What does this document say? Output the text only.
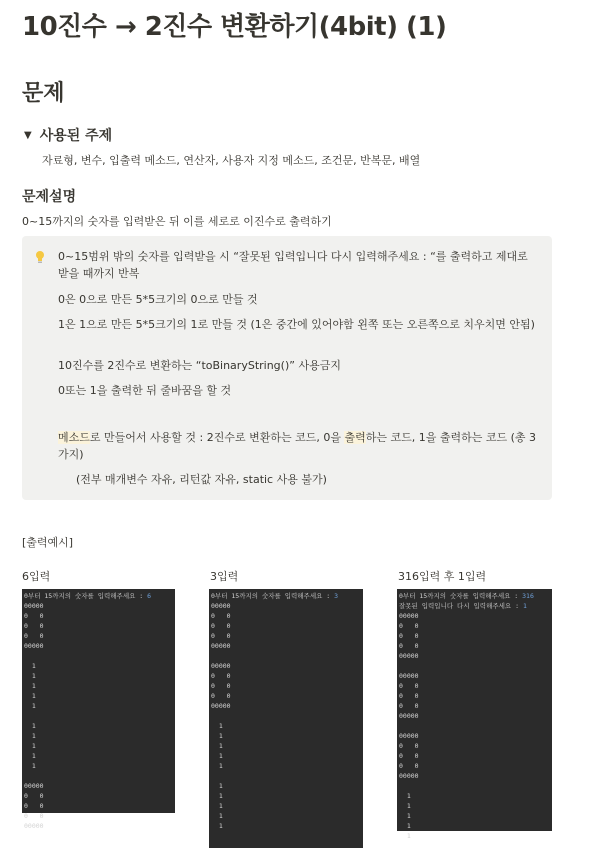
10진수 → 2진수 변환하기(4bit) (1)
문제
▼ 사용된 주제
자료형, 변수, 입출력 메소드, 연산자, 사용자 지정 메소드, 조건문, 반복문, 배열
문제설명
0~15까지의 숫자를 입력받은 뒤 이를 세로로 이진수로 출력하기
0~15범위 밖의 숫자를 입력받을 시 “잘못된 입력입니다 다시 입력해주세요 : “를 출력하고 제대로 받을 때까지 반복
0은 0으로 만든 5*5크기의 0으로 만들 것
1은 1으로 만든 5*5크기의 1로 만들 것 (1은 중간에 있어야함 왼쪽 또는 오른쪽으로 치우치면 안됨)
10진수를 2진수로 변환하는 “toBinaryString()” 사용금지
0또는 1을 출력한 뒤 줄바꿈을 할 것
메소드로 만들어서 사용할 것 : 2진수로 변환하는 코드, 0을 출력하는 코드, 1을 출력하는 코드 (총 3가지)
(전부 매개변수 자유, 리턴값 자유, static 사용 불가)
[출력예시]
6입력
0부터 15까지의 숫자를 입력해주세요 : 6
00000
0   0
0   0
0   0
00000

1
1
1
1
1

1
1
1
1
1

00000
0   0
0   0
0   0
00000
3입력
0부터 15까지의 숫자를 입력해주세요 : 3
00000
0   0
0   0
0   0
00000

00000
0   0
0   0
0   0
00000

1
1
1
1
1

1
1
1
1
1
316입력 후 1입력
0부터 15까지의 숫자를 입력해주세요 : 316
잘못된 입력입니다 다시 입력해주세요 : 1
00000
0   0
0   0
0   0
00000

00000
0   0
0   0
0   0
00000

00000
0   0
0   0
0   0
00000

1
1
1
1
1
